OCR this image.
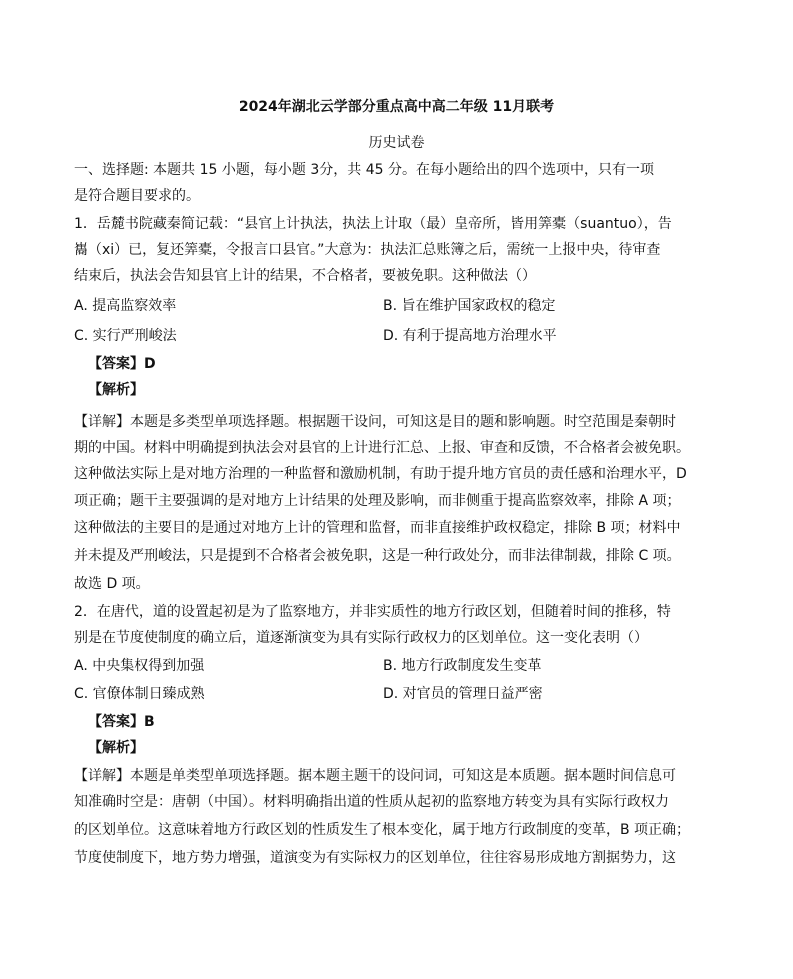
2024年湖北云学部分重点高中高二年级 11月联考
历史试卷
一、选择题: 本题共 15 小题，每小题 3分，共 45 分。在每小题给出的四个选项中，只有一项
是符合题目要求的。
1．岳麓书院藏秦简记载：“县官上计执法，执法上计取（最）皇帝所，皆用筭橐（suantuo），告
巂（xi）已，复还筭橐，令报言口县官。”大意为：执法汇总账簿之后，需统一上报中央，待审查
结束后，执法会告知县官上计的结果，不合格者，要被免职。这种做法（）
A. 提高监察效率	B. 旨在维护国家政权的稳定
C. 实行严刑峻法	D. 有利于提高地方治理水平
【答案】D
【解析】
【详解】本题是多类型单项选择题。根据题干设问，可知这是目的题和影响题。时空范围是秦朝时
期的中国。材料中明确提到执法会对县官的上计进行汇总、上报、审查和反馈，不合格者会被免职。
这种做法实际上是对地方治理的一种监督和激励机制，有助于提升地方官员的责任感和治理水平，D
项正确；题干主要强调的是对地方上计结果的处理及影响，而非侧重于提高监察效率，排除 A 项；
这种做法的主要目的是通过对地方上计的管理和监督，而非直接维护政权稳定，排除 B 项；材料中
并未提及严刑峻法，只是提到不合格者会被免职，这是一种行政处分，而非法律制裁，排除 C 项。
故选 D 项。
2．在唐代，道的设置起初是为了监察地方，并非实质性的地方行政区划，但随着时间的推移，特
别是在节度使制度的确立后，道逐渐演变为具有实际行政权力的区划单位。这一变化表明（）
A. 中央集权得到加强	B. 地方行政制度发生变革
C. 官僚体制日臻成熟	D. 对官员的管理日益严密
【答案】B
【解析】
【详解】本题是单类型单项选择题。据本题主题干的设问词，可知这是本质题。据本题时间信息可
知准确时空是：唐朝（中国）。材料明确指出道的性质从起初的监察地方转变为具有实际行政权力
的区划单位。这意味着地方行政区划的性质发生了根本变化，属于地方行政制度的变革，B 项正确；
节度使制度下，地方势力增强，道演变为有实际权力的区划单位，往往容易形成地方割据势力，这
